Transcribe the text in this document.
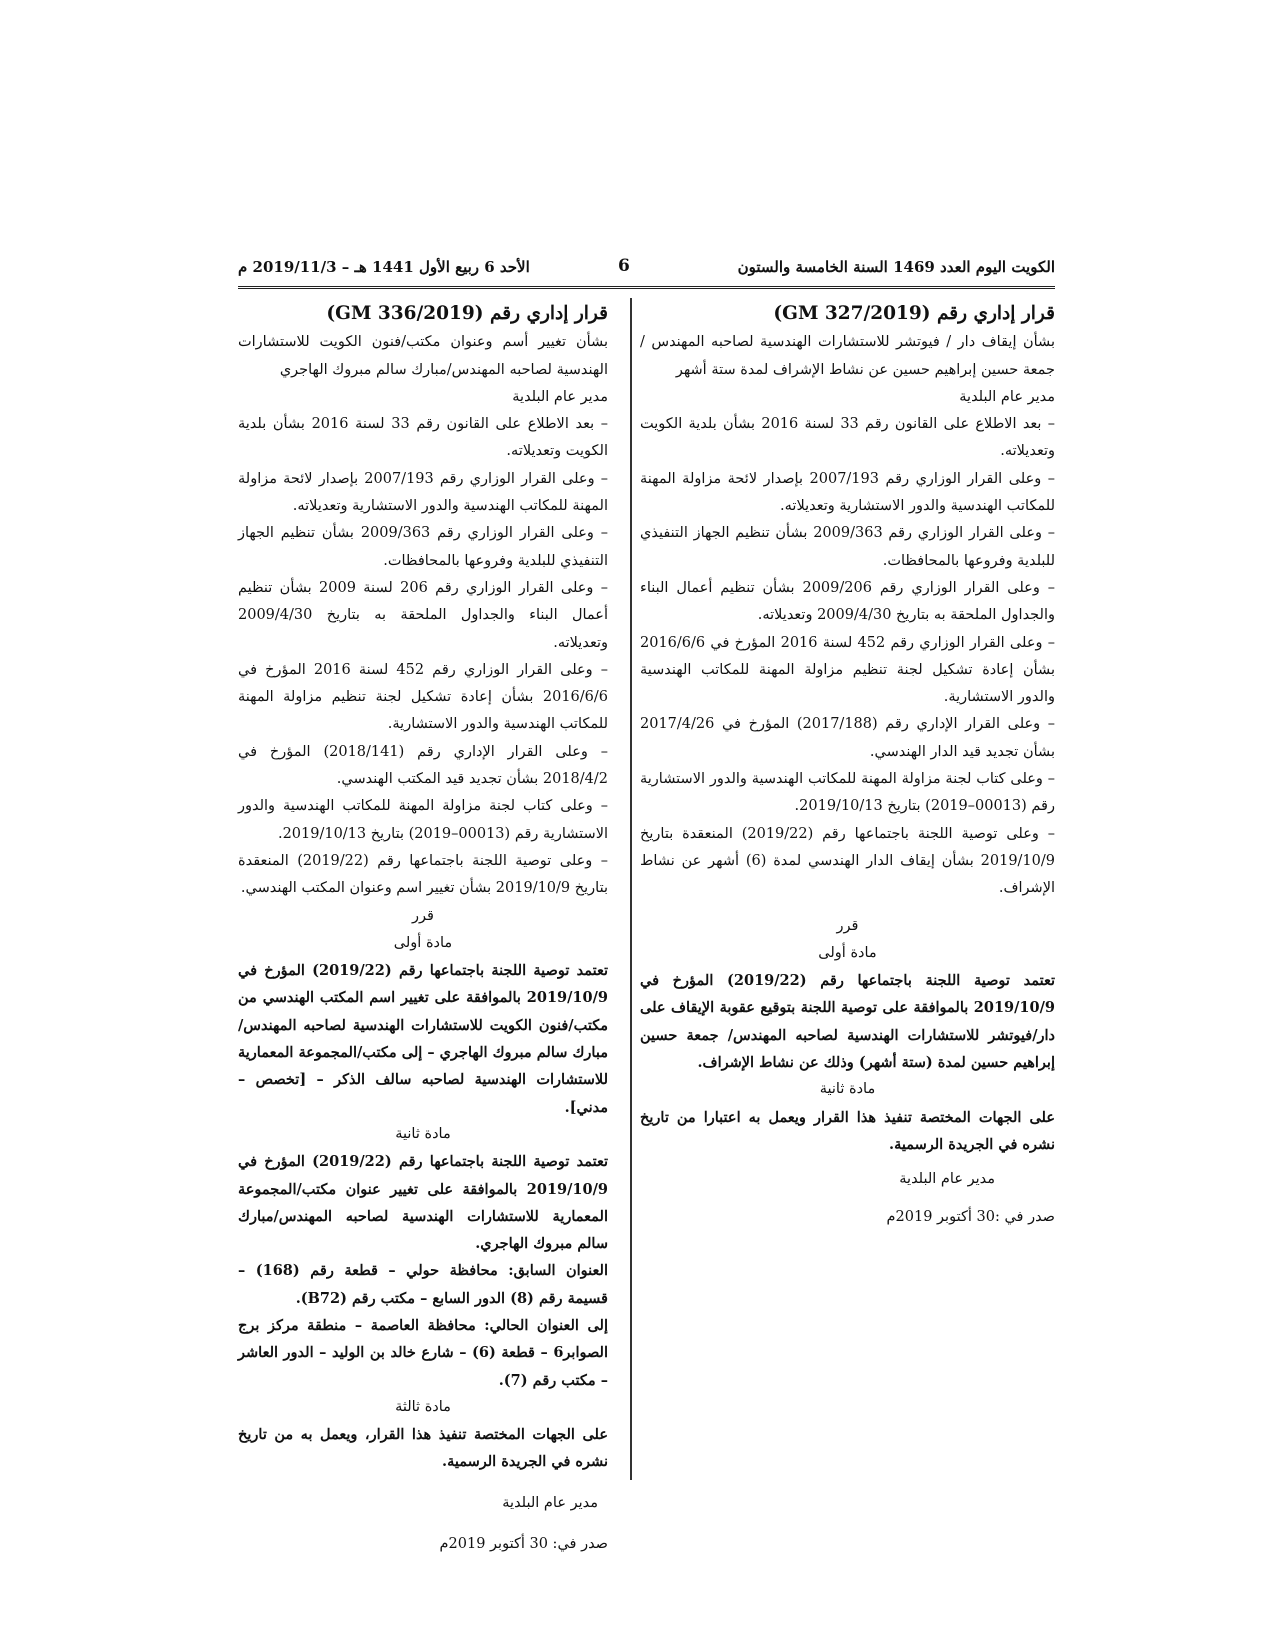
الكويت اليوم العدد 1469 السنة الخامسة والستون
6
الأحد 6 ربيع الأول 1441 هـ – 2019/11/3 م
قرار إداري رقم (2019/GM 327)

بشأن إيقاف دار / فيوتشر للاستشارات الهندسية لصاحبه المهندس /جمعة حسين إبراهيم حسين عن نشاط الإشراف لمدة ستة أشهر

مدير عام البلدية

– بعد الاطلاع على القانون رقم 33 لسنة 2016 بشأن بلدية الكويت وتعديلاته.

– وعلى القرار الوزاري رقم 2007/193 بإصدار لائحة مزاولة المهنة للمكاتب الهندسية والدور الاستشارية وتعديلاته.

– وعلى القرار الوزاري رقم 2009/363 بشأن تنظيم الجهاز التنفيذي للبلدية وفروعها بالمحافظات.

– وعلى القرار الوزاري رقم 2009/206 بشأن تنظيم أعمال البناء والجداول الملحقة به بتاريخ 2009/4/30 وتعديلاته.

– وعلى القرار الوزاري رقم 452 لسنة 2016 المؤرخ في 2016/6/6 بشأن إعادة تشكيل لجنة تنظيم مزاولة المهنة للمكاتب الهندسية والدور الاستشارية.

– وعلى القرار الإداري رقم (2017/188) المؤرخ في 2017/4/26 بشأن تجديد قيد الدار الهندسي.

– وعلى كتاب لجنة مزاولة المهنة للمكاتب الهندسية والدور الاستشارية رقم (00013–2019) بتاريخ 2019/10/13.

– وعلى توصية اللجنة باجتماعها رقم (2019/22) المنعقدة بتاريخ 2019/10/9 بشأن إيقاف الدار الهندسي لمدة (6) أشهر عن نشاط الإشراف.

قرر

مادة أولى

تعتمد توصية اللجنة باجتماعها رقم (2019/22) المؤرخ في 2019/10/9 بالموافقة على توصية اللجنة بتوقيع عقوبة الإيقاف على دار/فيوتشر للاستشارات الهندسية لصاحبه المهندس/ جمعة حسين إبراهيم حسين لمدة (ستة أشهر) وذلك عن نشاط الإشراف.

مادة ثانية

على الجهات المختصة تنفيذ هذا القرار ويعمل به اعتبارا من تاريخ نشره في الجريدة الرسمية.

مدير عام البلدية

صدر في :30 أكتوبر 2019م

قرار إداري رقم (2019/GM 336)

بشأن تغيير أسم وعنوان مكتب/فنون الكويت للاستشارات الهندسية لصاحبه المهندس/مبارك سالم مبروك الهاجري

مدير عام البلدية

– بعد الاطلاع على القانون رقم 33 لسنة 2016 بشأن بلدية الكويت وتعديلاته.

– وعلى القرار الوزاري رقم 2007/193 بإصدار لائحة مزاولة المهنة للمكاتب الهندسية والدور الاستشارية وتعديلاته.

– وعلى القرار الوزاري رقم 2009/363 بشأن تنظيم الجهاز التنفيذي للبلدية وفروعها بالمحافظات.

– وعلى القرار الوزاري رقم 206 لسنة 2009 بشأن تنظيم أعمال البناء والجداول الملحقة به بتاريخ 2009/4/30 وتعديلاته.

– وعلى القرار الوزاري رقم 452 لسنة 2016 المؤرخ في 2016/6/6 بشأن إعادة تشكيل لجنة تنظيم مزاولة المهنة للمكاتب الهندسية والدور الاستشارية.

– وعلى القرار الإداري رقم (2018/141) المؤرخ في 2018/4/2 بشأن تجديد قيد المكتب الهندسي.

– وعلى كتاب لجنة مزاولة المهنة للمكاتب الهندسية والدور الاستشارية رقم (00013–2019) بتاريخ 2019/10/13.

– وعلى توصية اللجنة باجتماعها رقم (2019/22) المنعقدة بتاريخ 2019/10/9 بشأن تغيير اسم وعنوان المكتب الهندسي.

قرر

مادة أولى

تعتمد توصية اللجنة باجتماعها رقم (2019/22) المؤرخ في 2019/10/9 بالموافقة على تغيير اسم المكتب الهندسي من مكتب/فنون الكويت للاستشارات الهندسية لصاحبه المهندس/مبارك سالم مبروك الهاجري – إلى مكتب/المجموعة المعمارية للاستشارات الهندسية لصاحبه سالف الذكر – [تخصص – مدني].

مادة ثانية

تعتمد توصية اللجنة باجتماعها رقم (2019/22) المؤرخ في 2019/10/9 بالموافقة على تغيير عنوان مكتب/المجموعة المعمارية للاستشارات الهندسية لصاحبه المهندس/مبارك سالم مبروك الهاجري.

العنوان السابق: محافظة حولي – قطعة رقم (168) – قسيمة رقم (8) الدور السابع – مكتب رقم (B72).

إلى العنوان الحالي: محافظة العاصمة – منطقة مركز برج الصوابر6 – قطعة (6) – شارع خالد بن الوليد – الدور العاشر – مكتب رقم (7).

مادة ثالثة

على الجهات المختصة تنفيذ هذا القرار، ويعمل به من تاريخ نشره في الجريدة الرسمية.

مدير عام البلدية

صدر في: 30 أكتوبر 2019م
